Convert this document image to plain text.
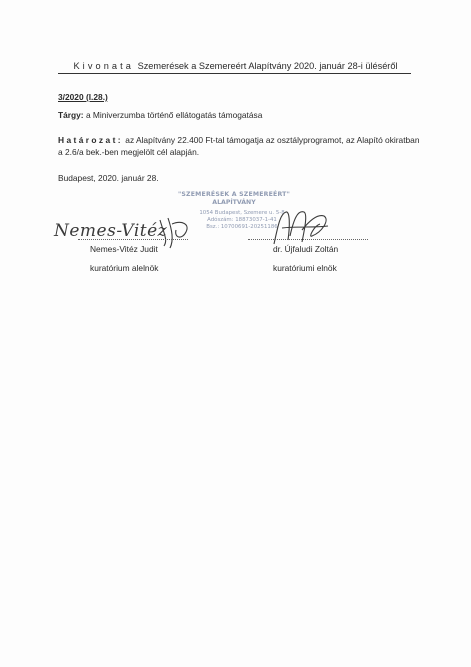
Kivonata Szemerések a Szemereért Alapítvány 2020. január 28-i üléséről
3/2020 (I.28.)
Tárgy: a Miniverzumba történő ellátogatás támogatása
Határozat: az Alapítvány 22.400 Ft-tal támogatja az osztályprogramot, az Alapító okiratban
a 2.6/a bek.-ben megjelölt cél alapján.
Budapest, 2020. január 28.
"SZEMERÉSEK A SZEMEREÉRT"
ALAPÍTVÁNY
1054 Budapest, Szemere u. 5-8
Adószám: 18873037-1-41
Bsz.: 10700691-20251186
Nemes-Vitéz
Nemes-Vitéz Judit
kuratórium alelnök
dr. Újfaludi Zoltán
kuratóriumi elnök
